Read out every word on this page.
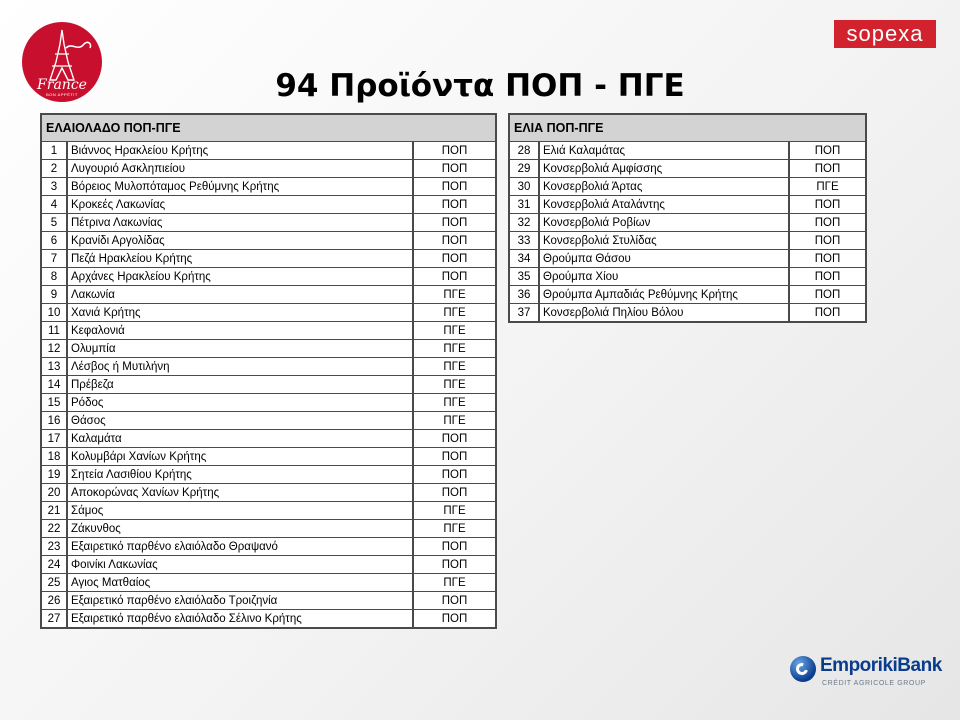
France
BON APPÉTIT
sopexa
94 Προϊόντα ΠΟΠ - ΠΓΕ
ΕΛΑΙΟΛΑΔΟ ΠΟΠ-ΠΓΕ		
1	Βιάννος Ηρακλείου Κρήτης	ΠΟΠ
2	Λυγουριό Ασκληπιείου	ΠΟΠ
3	Βόρειος Μυλοπόταμος Ρεθύμνης Κρήτης	ΠΟΠ
4	Κροκεές Λακωνίας	ΠΟΠ
5	Πέτρινα Λακωνίας	ΠΟΠ
6	Κρανίδι Αργολίδας	ΠΟΠ
7	Πεζά Ηρακλείου Κρήτης	ΠΟΠ
8	Αρχάνες Ηρακλείου Κρήτης	ΠΟΠ
9	Λακωνία	ΠΓΕ
10	Χανιά Κρήτης	ΠΓΕ
11	Κεφαλονιά	ΠΓΕ
12	Ολυμπία	ΠΓΕ
13	Λέσβος ή Μυτιλήνη	ΠΓΕ
14	Πρέβεζα	ΠΓΕ
15	Ρόδος	ΠΓΕ
16	Θάσος	ΠΓΕ
17	Καλαμάτα	ΠΟΠ
18	Κολυμβάρι Χανίων Κρήτης	ΠΟΠ
19	Σητεία Λασιθίου Κρήτης	ΠΟΠ
20	Αποκορώνας Χανίων Κρήτης	ΠΟΠ
21	Σάμος	ΠΓΕ
22	Ζάκυνθος	ΠΓΕ
23	Εξαιρετικό παρθένο ελαιόλαδο Θραψανό	ΠΟΠ
24	Φοινίκι Λακωνίας	ΠΟΠ
25	Αγιος Ματθαίος	ΠΓΕ
26	Εξαιρετικό παρθένο ελαιόλαδο Τροιζηνία	ΠΟΠ
27	Εξαιρετικό παρθένο ελαιόλαδο Σέλινο Κρήτης	ΠΟΠ
ΕΛΙΑ ΠΟΠ-ΠΓΕ		
28	Ελιά Καλαμάτας	ΠΟΠ
29	Κονσερβολιά Αμφίσσης	ΠΟΠ
30	Κονσερβολιά Άρτας	ΠΓΕ
31	Κονσερβολιά Αταλάντης	ΠΟΠ
32	Κονσερβολιά Ροβίων	ΠΟΠ
33	Κονσερβολιά Στυλίδας	ΠΟΠ
34	Θρούμπα Θάσου	ΠΟΠ
35	Θρούμπα Χίου	ΠΟΠ
36	Θρούμπα Αμπαδιάς Ρεθύμνης Κρήτης	ΠΟΠ
37	Κονσερβολιά Πηλίου Βόλου	ΠΟΠ
EmporikiBank
CRÉDIT AGRICOLE GROUP
